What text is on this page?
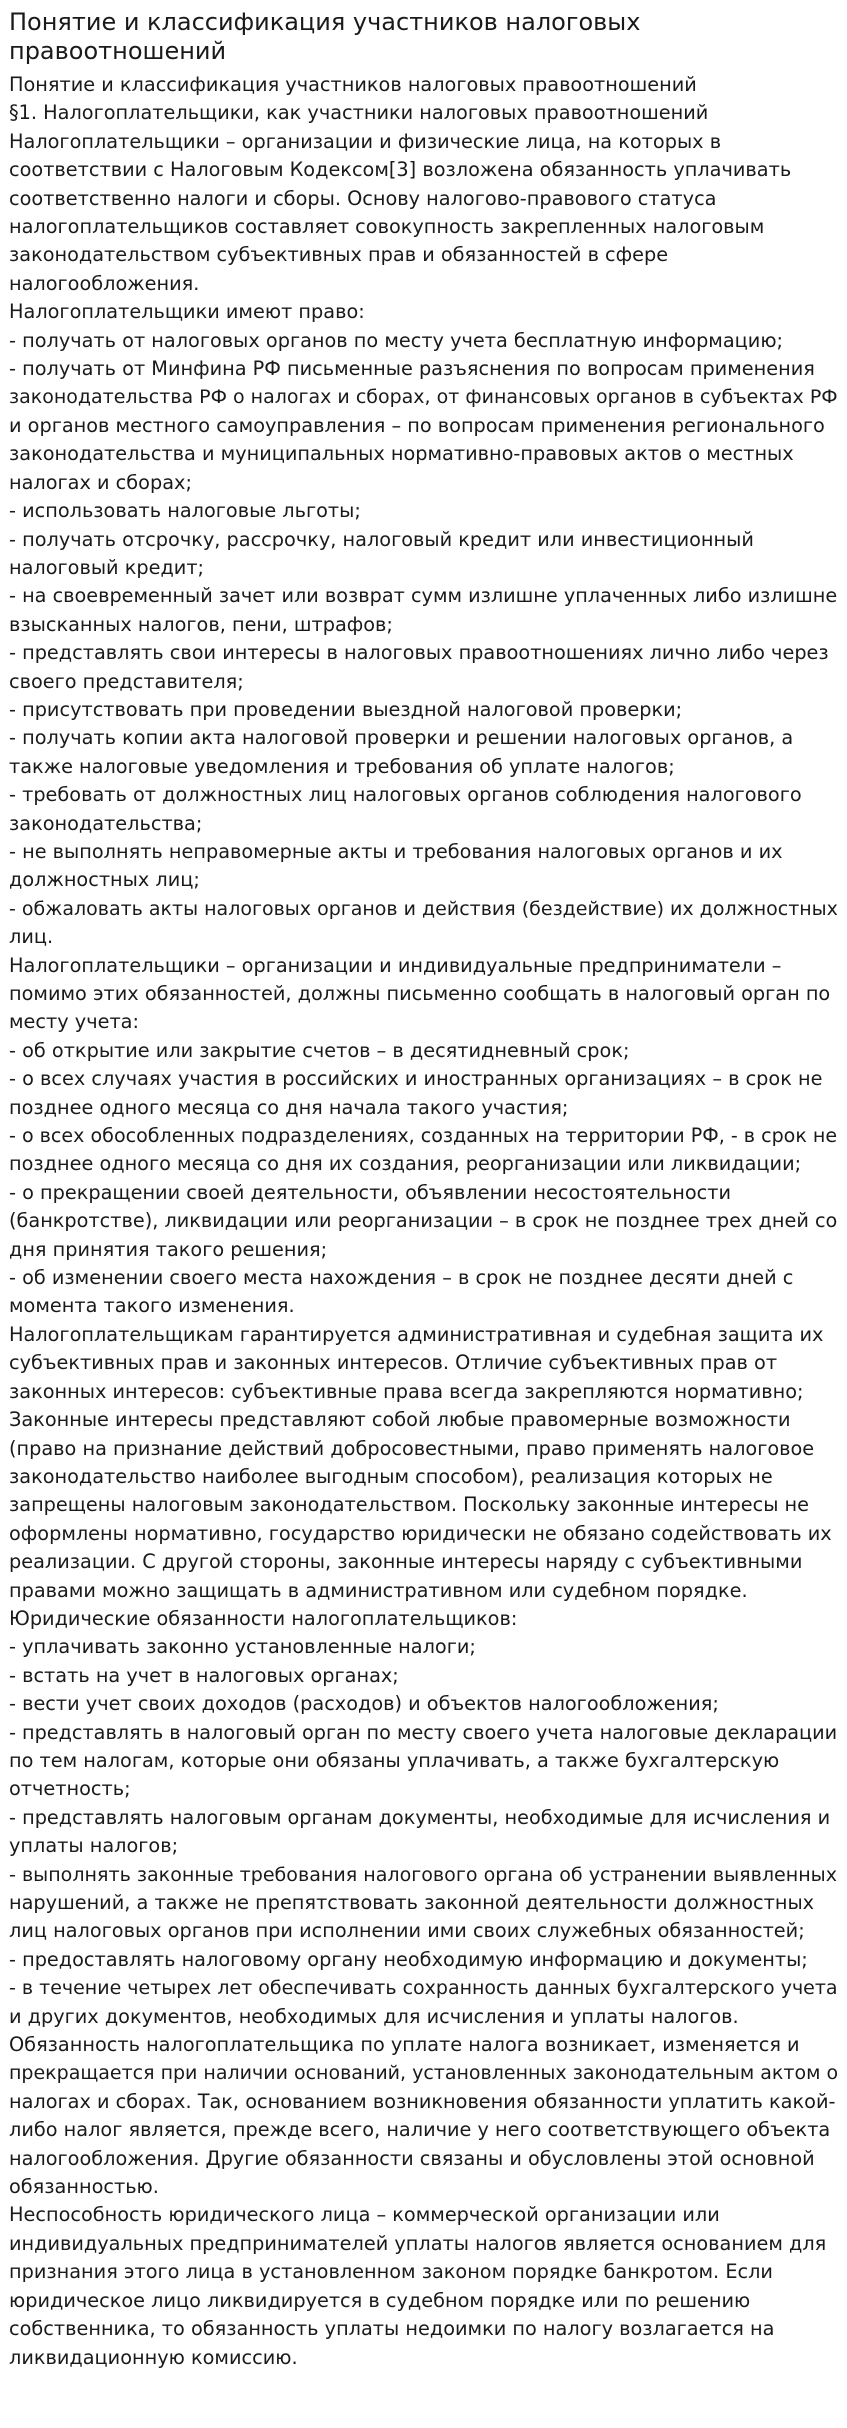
Понятие и классификация участников налоговых
правоотношений
Понятие и классификация участников налоговых правоотношений
§1. Налогоплательщики, как участники налоговых правоотношений
Налогоплательщики – организации и физические лица, на которых в
соответствии с Налоговым Кодексом[3] возложена обязанность уплачивать
соответственно налоги и сборы. Основу налогово-правового статуса
налогоплательщиков составляет совокупность закрепленных налоговым
законодательством субъективных прав и обязанностей в сфере
налогообложения.
Налогоплательщики имеют право:
- получать от налоговых органов по месту учета бесплатную информацию;
- получать от Минфина РФ письменные разъяснения по вопросам применения
законодательства РФ о налогах и сборах, от финансовых органов в субъектах РФ
и органов местного самоуправления – по вопросам применения регионального
законодательства и муниципальных нормативно-правовых актов о местных
налогах и сборах;
- использовать налоговые льготы;
- получать отсрочку, рассрочку, налоговый кредит или инвестиционный
налоговый кредит;
- на своевременный зачет или возврат сумм излишне уплаченных либо излишне
взысканных налогов, пени, штрафов;
- представлять свои интересы в налоговых правоотношениях лично либо через
своего представителя;
- присутствовать при проведении выездной налоговой проверки;
- получать копии акта налоговой проверки и решении налоговых органов, а
также налоговые уведомления и требования об уплате налогов;
- требовать от должностных лиц налоговых органов соблюдения налогового
законодательства;
- не выполнять неправомерные акты и требования налоговых органов и их
должностных лиц;
- обжаловать акты налоговых органов и действия (бездействие) их должностных
лиц.
Налогоплательщики – организации и индивидуальные предприниматели –
помимо этих обязанностей, должны письменно сообщать в налоговый орган по
месту учета:
- об открытие или закрытие счетов – в десятидневный срок;
- о всех случаях участия в российских и иностранных организациях – в срок не
позднее одного месяца со дня начала такого участия;
- о всех обособленных подразделениях, созданных на территории РФ, - в срок не
позднее одного месяца со дня их создания, реорганизации или ликвидации;
- о прекращении своей деятельности, объявлении несостоятельности
(банкротстве), ликвидации или реорганизации – в срок не позднее трех дней со
дня принятия такого решения;
- об изменении своего места нахождения – в срок не позднее десяти дней с
момента такого изменения.
Налогоплательщикам гарантируется административная и судебная защита их
субъективных прав и законных интересов. Отличие субъективных прав от
законных интересов: субъективные права всегда закрепляются нормативно;
Законные интересы представляют собой любые правомерные возможности
(право на признание действий добросовестными, право применять налоговое
законодательство наиболее выгодным способом), реализация которых не
запрещены налоговым законодательством. Поскольку законные интересы не
оформлены нормативно, государство юридически не обязано содействовать их
реализации. С другой стороны, законные интересы наряду с субъективными
правами можно защищать в административном или судебном порядке.
Юридические обязанности налогоплательщиков:
- уплачивать законно установленные налоги;
- встать на учет в налоговых органах;
- вести учет своих доходов (расходов) и объектов налогообложения;
- представлять в налоговый орган по месту своего учета налоговые декларации
по тем налогам, которые они обязаны уплачивать, а также бухгалтерскую
отчетность;
- представлять налоговым органам документы, необходимые для исчисления и
уплаты налогов;
- выполнять законные требования налогового органа об устранении выявленных
нарушений, а также не препятствовать законной деятельности должностных
лиц налоговых органов при исполнении ими своих служебных обязанностей;
- предоставлять налоговому органу необходимую информацию и документы;
- в течение четырех лет обеспечивать сохранность данных бухгалтерского учета
и других документов, необходимых для исчисления и уплаты налогов.
Обязанность налогоплательщика по уплате налога возникает, изменяется и
прекращается при наличии оснований, установленных законодательным актом о
налогах и сборах. Так, основанием возникновения обязанности уплатить какой-
либо налог является, прежде всего, наличие у него соответствующего объекта
налогообложения. Другие обязанности связаны и обусловлены этой основной
обязанностью.
Неспособность юридического лица – коммерческой организации или
индивидуальных предпринимателей уплаты налогов является основанием для
признания этого лица в установленном законом порядке банкротом. Если
юридическое лицо ликвидируется в судебном порядке или по решению
собственника, то обязанность уплаты недоимки по налогу возлагается на
ликвидационную комиссию.
